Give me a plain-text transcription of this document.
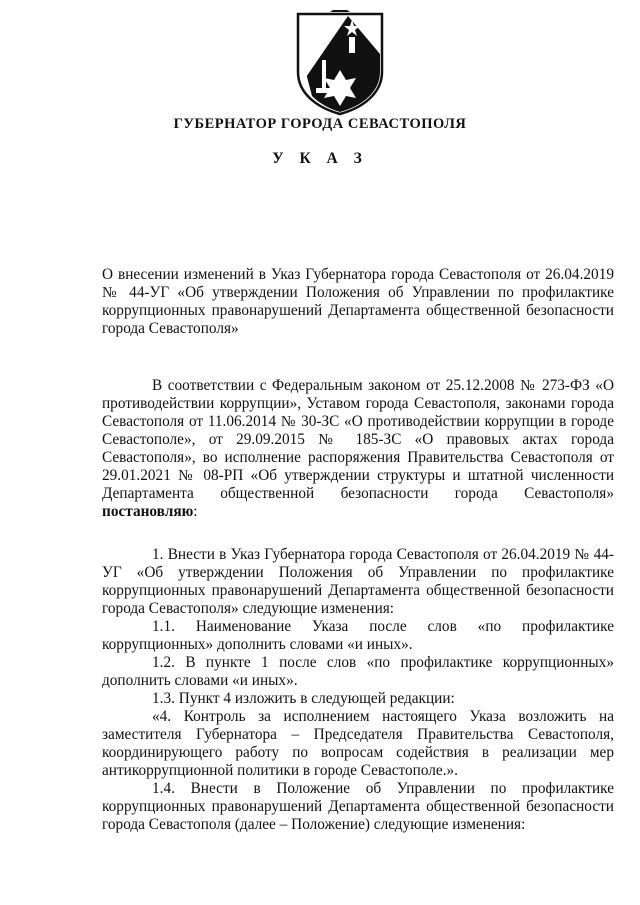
ГУБЕРНАТОР ГОРОДА СЕВАСТОПОЛЯ
У К А З

О внесении изменений в Указ Губернатора города Севастополя от 26.04.2019 № 44-УГ «Об утверждении Положения об Управлении по профилактике коррупционных правонарушений Департамента общественной безопасности города Севастополя»

В соответствии с Федеральным законом от 25.12.2008 № 273-ФЗ «О противодействии коррупции», Уставом города Севастополя, законами города Севастополя от 11.06.2014 № 30-ЗС «О противодействии коррупции в городе Севастополе», от 29.09.2015 № 185-ЗС «О правовых актах города Севастополя», во исполнение распоряжения Правительства Севастополя от 29.01.2021 № 08-РП «Об утверждении структуры и штатной численности Департамента общественной безопасности города Севастополя» постановляю:

1. Внести в Указ Губернатора города Севастополя от 26.04.2019 № 44-УГ «Об утверждении Положения об Управлении по профилактике коррупционных правонарушений Департамента общественной безопасности города Севастополя» следующие изменения:

1.1. Наименование Указа после слов «по профилактике коррупционных» дополнить словами «и иных».

1.2. В пункте 1 после слов «по профилактике коррупционных» дополнить словами «и иных».

1.3. Пункт 4 изложить в следующей редакции:

«4. Контроль за исполнением настоящего Указа возложить на заместителя Губернатора – Председателя Правительства Севастополя, координирующего работу по вопросам содействия в реализации мер антикоррупционной политики в городе Севастополе.».

1.4. Внести в Положение об Управлении по профилактике коррупционных правонарушений Департамента общественной безопасности города Севастополя (далее – Положение) следующие изменения:
